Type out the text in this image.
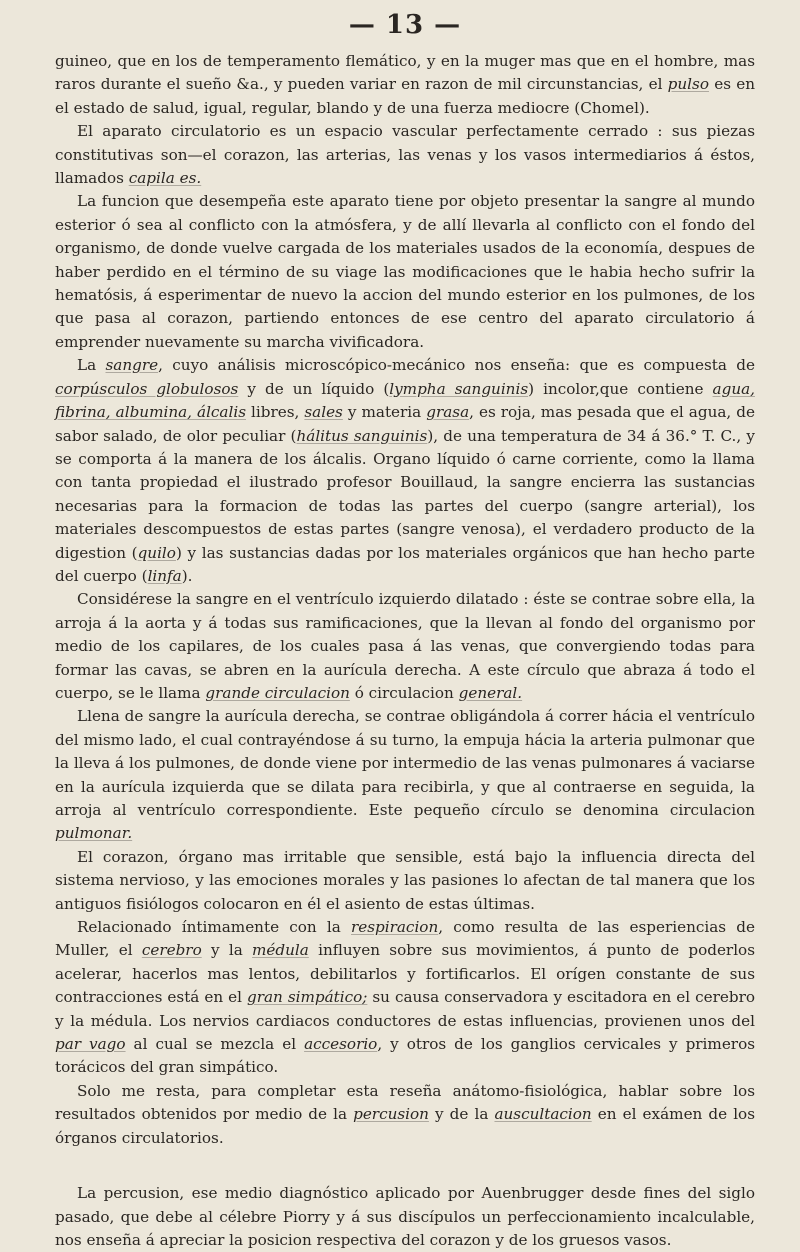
— 13 —

guineo, que en los de temperamento flemático, y en la muger mas que en el hombre, mas raros durante el sueño &a., y pueden variar en razon de mil circunstancias, el pulso es en el estado de salud, igual, regular, blando y de una fuerza mediocre (Chomel).

El aparato circulatorio es un espacio vascular perfectamente cerrado : sus piezas constitutivas son—el corazon, las arterias, las venas y los vasos intermediarios á éstos, llamados capila es.

La funcion que desempeña este aparato tiene por objeto presentar la sangre al mundo esterior ó sea al conflicto con la atmósfera, y de allí llevarla al conflicto con el fondo del organismo, de donde vuelve cargada de los materiales usados de la economía, despues de haber perdido en el término de su viage las modificaciones que le habia hecho sufrir la hematósis, á esperimentar de nuevo la accion del mundo esterior en los pulmones, de los que pasa al corazon, partiendo entonces de ese centro del aparato circulatorio á emprender nuevamente su marcha vivificadora.

La sangre, cuyo análisis microscópico-mecánico nos enseña: que es compuesta de corpúsculos globulosos y de un líquido (lympha sanguinis) incolor,que contiene agua, fibrina, albumina, álcalis libres, sales y materia grasa, es roja, mas pesada que el agua, de sabor salado, de olor peculiar (hálitus sanguinis), de una temperatura de 34 á 36.° T. C., y se comporta á la manera de los álcalis. Organo líquido ó carne corriente, como la llama con tanta propiedad el ilustrado profesor Bouillaud, la sangre encierra las sustancias necesarias para la formacion de todas las partes del cuerpo (sangre arterial), los materiales descompuestos de estas partes (sangre venosa), el verdadero producto de la digestion (quilo) y las sustancias dadas por los materiales orgánicos que han hecho parte del cuerpo (linfa).

Considérese la sangre en el ventrículo izquierdo dilatado : éste se contrae sobre ella, la arroja á la aorta y á todas sus ramificaciones, que la llevan al fondo del organismo por medio de los capilares, de los cuales pasa á las venas, que convergiendo todas para formar las cavas, se abren en la aurícula derecha. A este círculo que abraza á todo el cuerpo, se le llama grande circulacion ó circulacion general.

Llena de sangre la aurícula derecha, se contrae obligándola á correr hácia el ventrículo del mismo lado, el cual contrayéndose á su turno, la empuja hácia la arteria pulmonar que la lleva á los pulmones, de donde viene por intermedio de las venas pulmonares á vaciarse en la aurícula izquierda que se dilata para recibirla, y que al contraerse en seguida, la arroja al ventrículo correspondiente. Este pequeño círculo se denomina circulacion pulmonar.

El corazon, órgano mas irritable que sensible, está bajo la influencia directa del sistema nervioso, y las emociones morales y las pasiones lo afectan de tal manera que los antiguos fisiólogos colocaron en él el asiento de estas últimas.

Relacionado íntimamente con la respiracion, como resulta de las esperiencias de Muller, el cerebro y la médula influyen sobre sus movimientos, á punto de poderlos acelerar, hacerlos mas lentos, debilitarlos y fortificarlos. El orígen constante de sus contracciones está en el gran simpático; su causa conservadora y escitadora en el cerebro y la médula. Los nervios cardiacos conductores de estas influencias, provienen unos del par vago al cual se mezcla el accesorio, y otros de los ganglios cervicales y primeros torácicos del gran simpático.

Solo me resta, para completar esta reseña anátomo-fisiológica, hablar sobre los resultados obtenidos por medio de la percusion y de la auscultacion en el exámen de los órganos circulatorios.

La percusion, ese medio diagnóstico aplicado por Auenbrugger desde fines del siglo pasado, que debe al célebre Piorry y á sus discípulos un perfeccionamiento incalculable, nos enseña á apreciar la posicion respectiva del corazon y de los gruesos vasos.
